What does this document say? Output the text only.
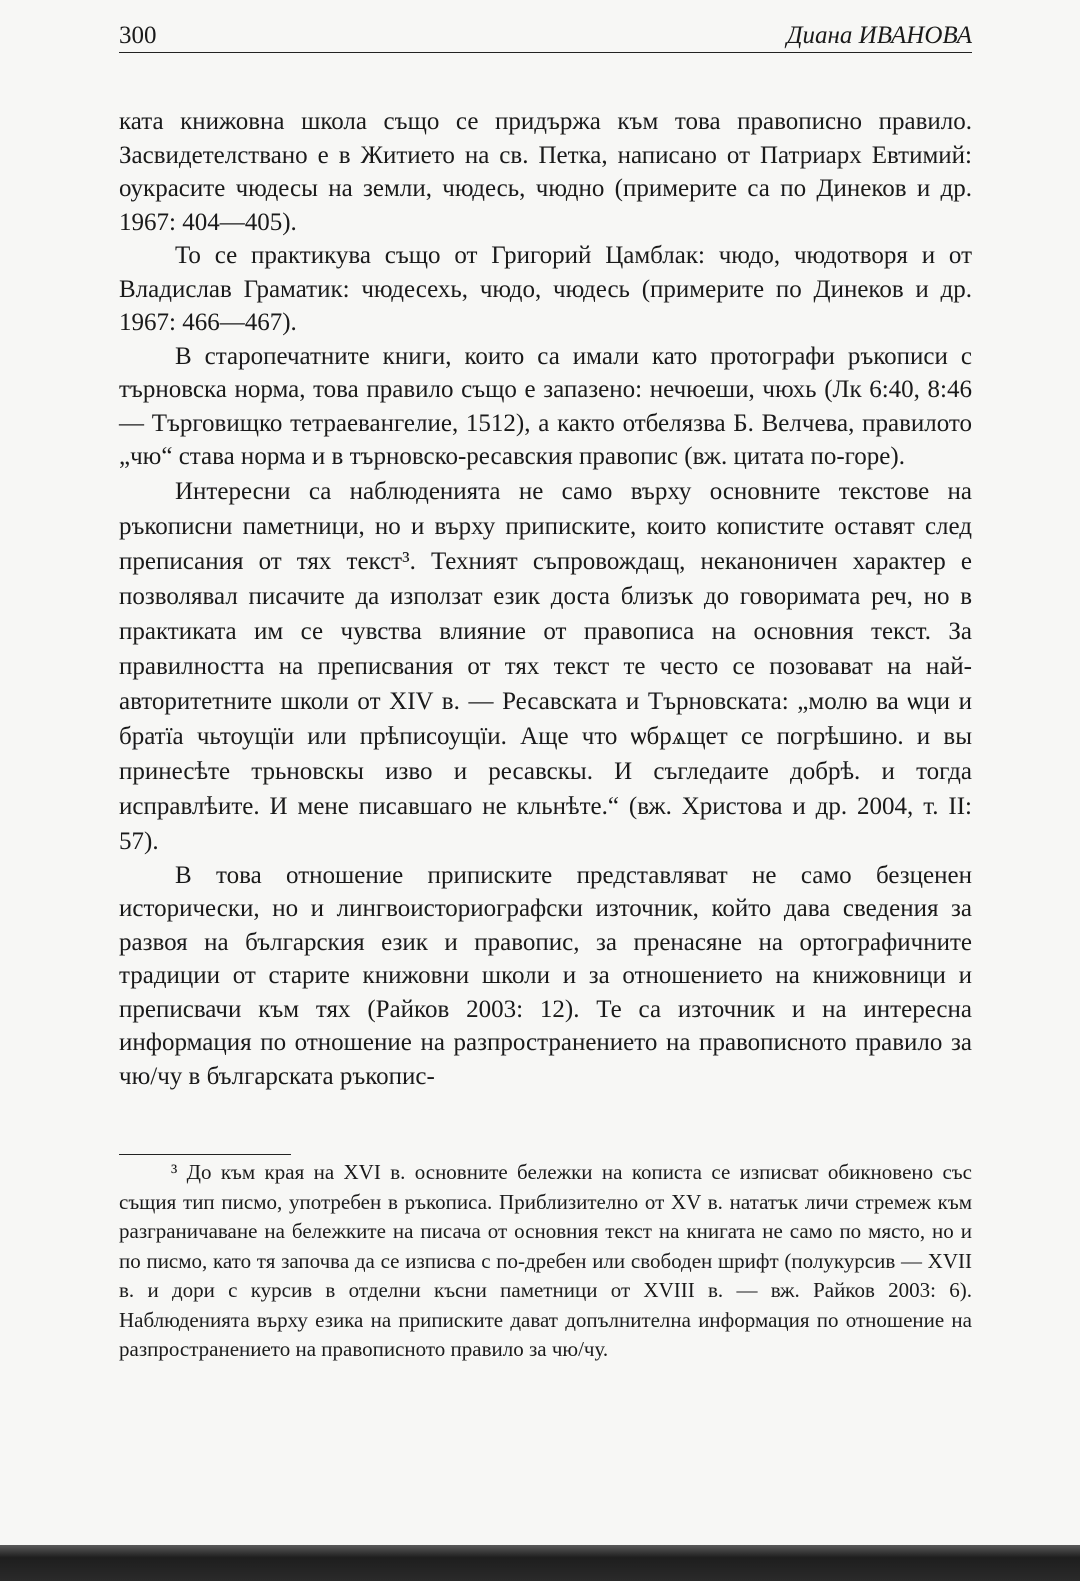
300	Диана ИВАНОВА

ката книжовна школа също се придържа към това правописно правило. Засвидетелствано е в Житието на св. Петка, написано от Патриарх Евтимий: оукрасите чюдесы на земли, чюдесь, чюдно (примерите са по Динеков и др. 1967: 404—405).

То се практикува също от Григорий Цамблак: чюдо, чюдотворя и от Владислав Граматик: чюдесехь, чюдо, чюдесь (примерите по Динеков и др. 1967: 466—467).

В старопечатните книги, които са имали като протографи ръкописи с търновска норма, това правило също е запазено: нечюеши, чюхь (Лк 6:40, 8:46 — Търговищко тетраевангелие, 1512), а както отбелязва Б. Велчева, правилото „чю“ става норма и в търновско-ресавския правопис (вж. цитата по-горе).

Интересни са наблюденията не само върху основните текстове на ръкописни паметници, но и върху приписките, които копистите оставят след преписания от тях текст³. Техният съпровождащ, неканоничен характер е позволявал писачите да използат език доста близък до говоримата реч, но в практиката им се чувства влияние от правописа на основния текст. За правилността на преписвания от тях текст те често се позовават на най-авторитетните школи от XIV в. — Ресавската и Търновската: „молю ва ѡци и братїа чьтоущїи или прѣписоущїи. Аще что ѡбрѧщет се погрѣшино. и вы принесѣте трьновскы изво и ресавскы. И съгледаите добрѣ. и тогда исправлѣите. И мене писавшаго не кльнѣте.“ (вж. Христова и др. 2004, т. II: 57).

В това отношение приписките представляват не само безценен исторически, но и лингвоисториографски източник, който дава сведения за развоя на българския език и правопис, за пренасяне на ортографичните традиции от старите книжовни школи и за отношението на книжовници и преписвачи към тях (Райков 2003: 12). Те са източник и на интересна информация по отношение на разпространението на правописното правило за чю/чу в българската ръкопис-

³ До към края на XVI в. основните бележки на кописта се изписват обикновено със същия тип писмо, употребен в ръкописа. Приблизително от XV в. нататък личи стремеж към разграничаване на бележките на писача от основния текст на книгата не само по място, но и по писмо, като тя започва да се изписва с по-дребен или свободен шрифт (полукурсив — XVII в. и дори с курсив в отделни късни паметници от XVIII в. — вж. Райков 2003: 6). Наблюденията върху езика на приписките дават допълнителна информация по отношение на разпространението на правописното правило за чю/чу.
